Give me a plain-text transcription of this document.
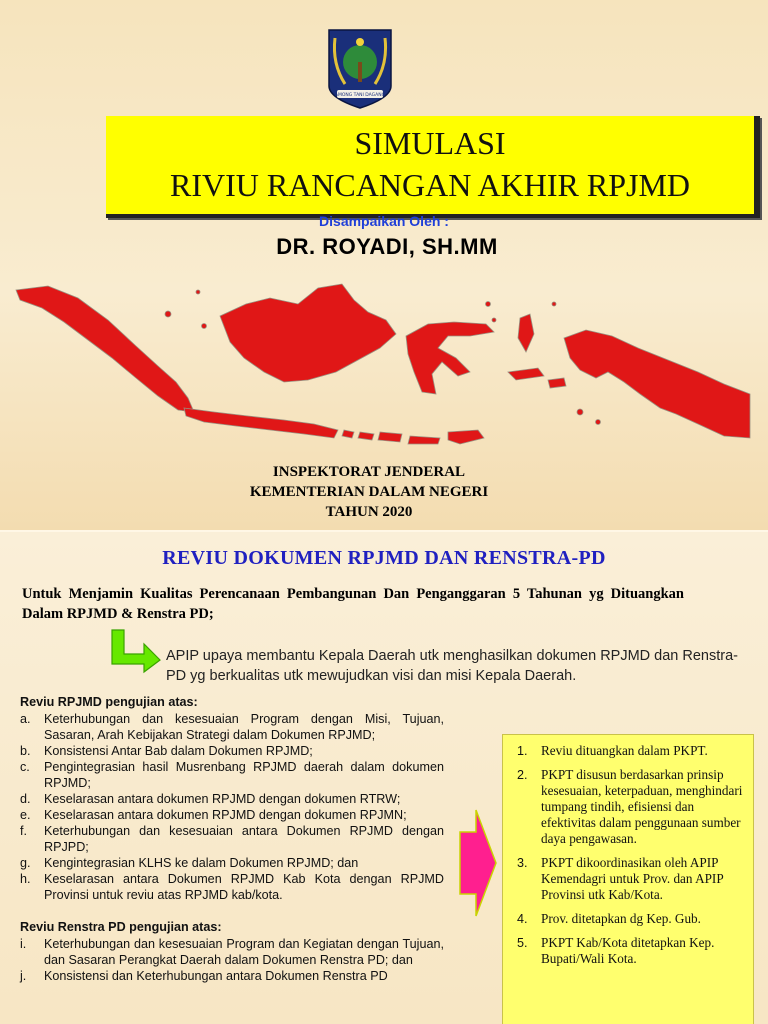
AMONG TANI DAGANG
SIMULASI
RIVIU RANCANGAN AKHIR RPJMD
Disampaikan Oleh :
DR. ROYADI, SH.MM
INSPEKTORAT JENDERAL
KEMENTERIAN DALAM NEGERI
TAHUN 2020
REVIU DOKUMEN RPJMD DAN RENSTRA-PD
Untuk Menjamin Kualitas Perencanaan Pembangunan Dan Penganggaran 5 Tahunan yg Dituangkan Dalam RPJMD & Renstra PD;
APIP upaya membantu Kepala Daerah utk menghasilkan dokumen RPJMD dan Renstra-PD yg berkualitas utk mewujudkan visi dan misi Kepala Daerah.
Reviu RPJMD pengujian atas:
a. Keterhubungan dan kesesuaian Program dengan Misi, Tujuan, Sasaran, Arah Kebijakan Strategi dalam Dokumen RPJMD;
b. Konsistensi Antar Bab dalam Dokumen RPJMD;
c. Pengintegrasian hasil Musrenbang RPJMD daerah dalam dokumen RPJMD;
d. Keselarasan antara dokumen RPJMD dengan dokumen RTRW;
e. Keselarasan antara dokumen RPJMD dengan dokumen RPJMN;
f. Keterhubungan dan kesesuaian antara Dokumen RPJMD dengan RPJPD;
g. Kengintegrasian KLHS ke dalam Dokumen RPJMD; dan
h. Keselarasan antara Dokumen RPJMD Kab Kota dengan RPJMD Provinsi untuk reviu atas RPJMD kab/kota.
Reviu Renstra PD pengujian atas:
i. Keterhubungan dan kesesuaian Program dan Kegiatan dengan Tujuan, dan Sasaran Perangkat Daerah dalam Dokumen Renstra PD; dan
j. Konsistensi dan Keterhubungan antara Dokumen Renstra PD
1. Reviu dituangkan dalam PKPT.
2. PKPT disusun berdasarkan prinsip kesesuaian, keterpaduan, menghindari tumpang tindih, efisiensi dan efektivitas dalam penggunaan sumber daya pengawasan.
3. PKPT dikoordinasikan oleh APIP Kemendagri untuk Prov. dan APIP Provinsi utk Kab/Kota.
4. Prov. ditetapkan dg Kep. Gub.
5. PKPT Kab/Kota ditetapkan Kep. Bupati/Wali Kota.
